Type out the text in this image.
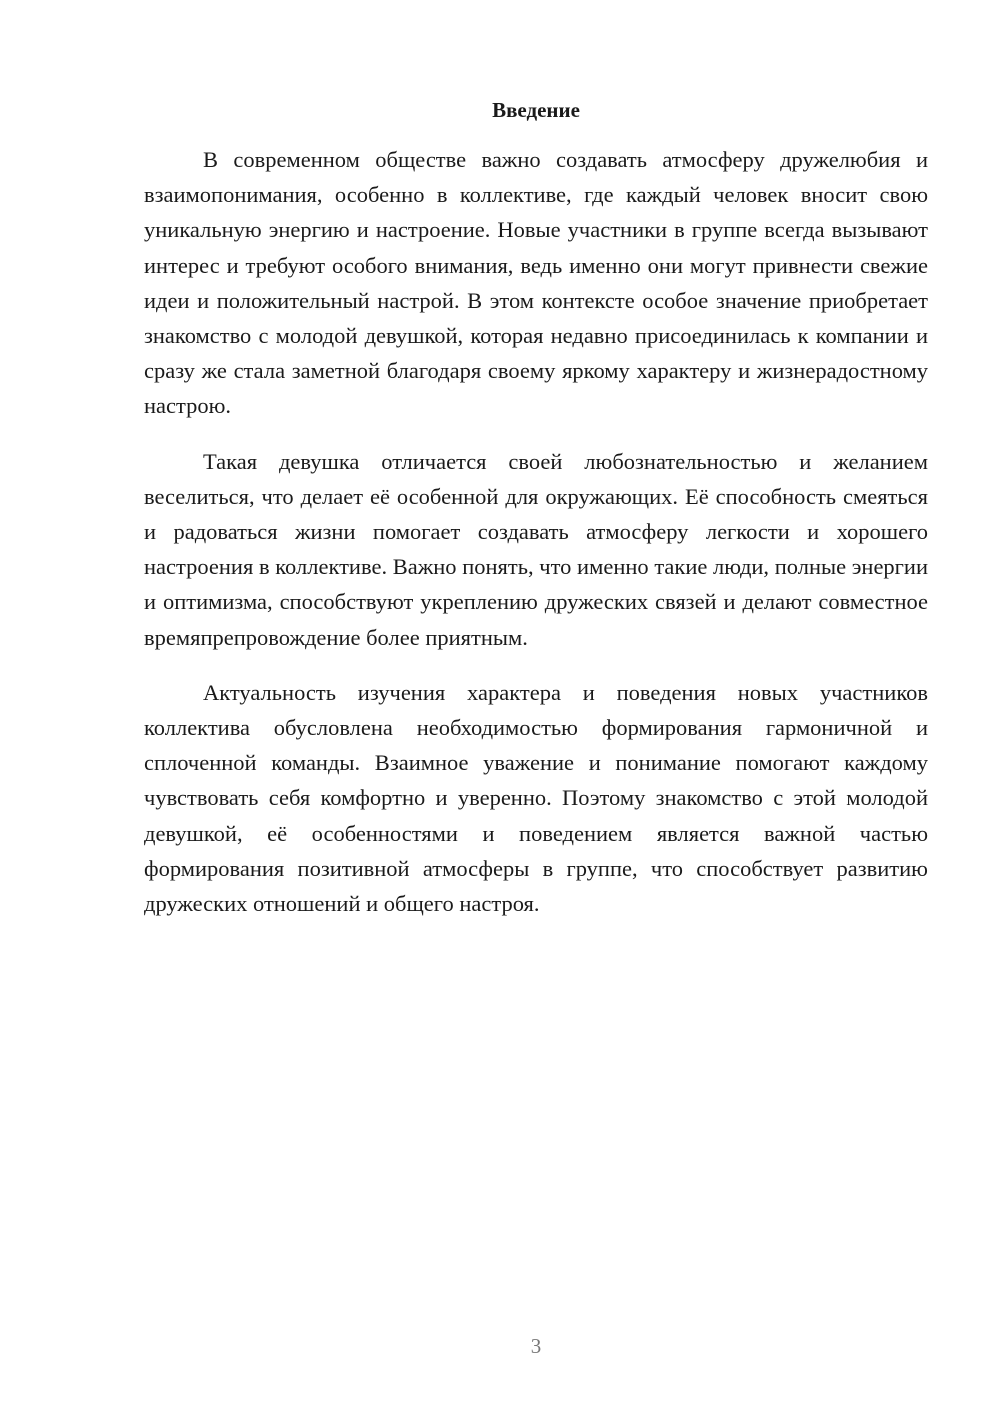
Введение

В современном обществе важно создавать атмосферу дружелюбия и взаимопонимания, особенно в коллективе, где каждый человек вносит свою уникальную энергию и настроение. Новые участники в группе всегда вызывают интерес и требуют особого внимания, ведь именно они могут привнести свежие идеи и положительный настрой. В этом контексте особое значение приобретает знакомство с молодой девушкой, которая недавно присоединилась к компании и сразу же стала заметной благодаря своему яркому характеру и жизнерадостному настрою.

Такая девушка отличается своей любознательностью и желанием веселиться, что делает её особенной для окружающих. Её способность смеяться и радоваться жизни помогает создавать атмосферу легкости и хорошего настроения в коллективе. Важно понять, что именно такие люди, полные энергии и оптимизма, способствуют укреплению дружеских связей и делают совместное времяпрепровождение более приятным.

Актуальность изучения характера и поведения новых участников коллектива обусловлена необходимостью формирования гармоничной и сплоченной команды. Взаимное уважение и понимание помогают каждому чувствовать себя комфортно и уверенно. Поэтому знакомство с этой молодой девушкой, её особенностями и поведением является важной частью формирования позитивной атмосферы в группе, что способствует развитию дружеских отношений и общего настроя.

3
